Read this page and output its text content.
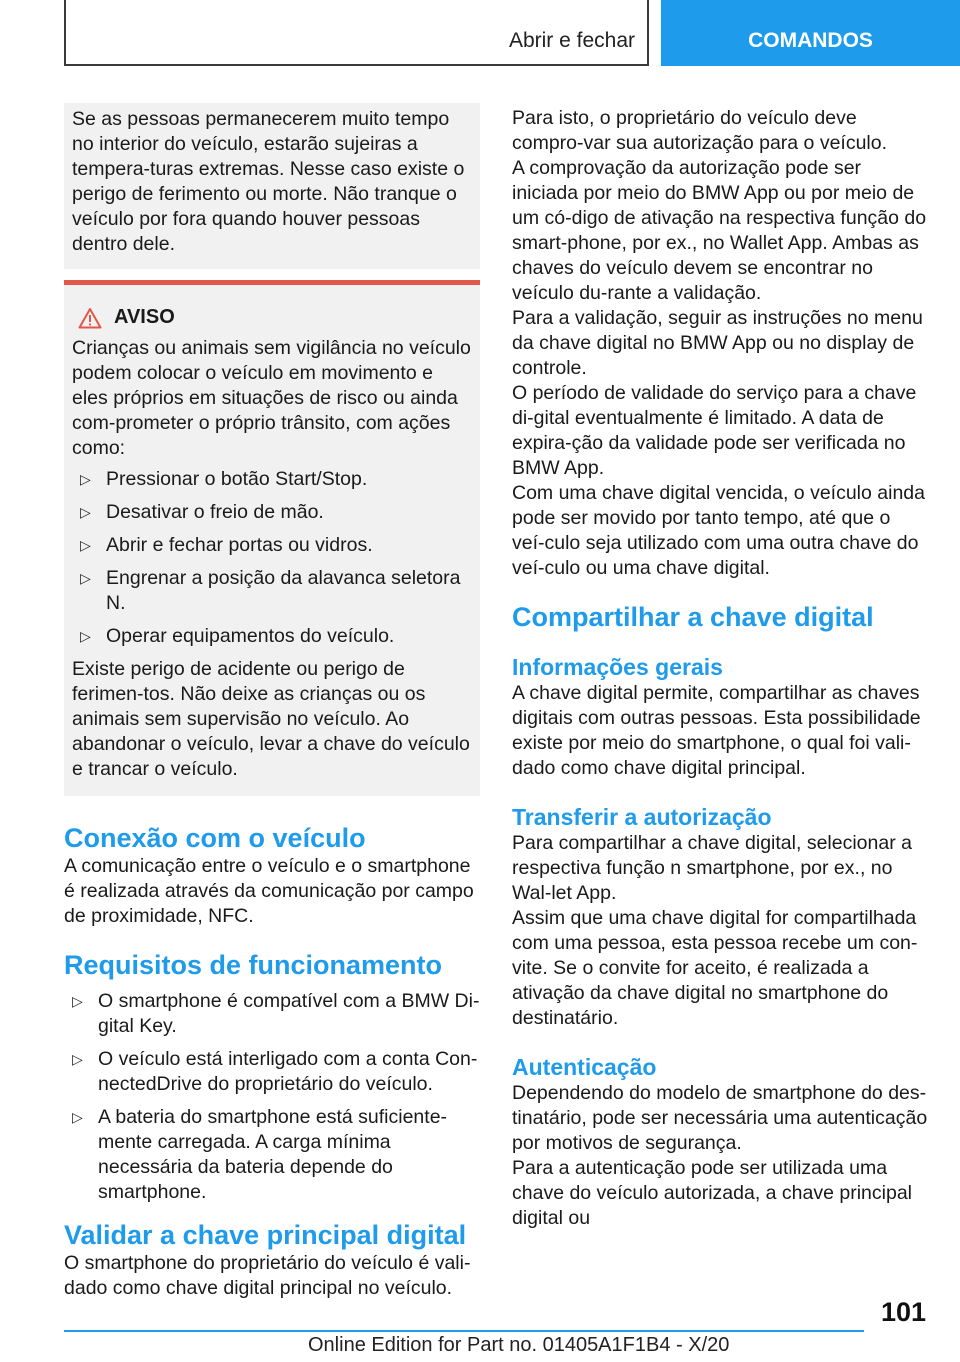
Abrir e fechar	COMANDOS

Se as pessoas permanecerem muito tempo no interior do veículo, estarão sujeiras a tempera-turas extremas. Nesse caso existe o perigo de ferimento ou morte. Não tranque o veículo por fora quando houver pessoas dentro dele.

AVISO

Crianças ou animais sem vigilância no veículo podem colocar o veículo em movimento e eles próprios em situações de risco ou ainda com-prometer o próprio trânsito, com ações como:

▷ Pressionar o botão Start/Stop.
▷ Desativar o freio de mão.
▷ Abrir e fechar portas ou vidros.
▷ Engrenar a posição da alavanca seletora N.
▷ Operar equipamentos do veículo.

Existe perigo de acidente ou perigo de ferimen-tos. Não deixe as crianças ou os animais sem supervisão no veículo. Ao abandonar o veículo, levar a chave do veículo e trancar o veículo.

Conexão com o veículo

A comunicação entre o veículo e o smartphone é realizada através da comunicação por campo de proximidade, NFC.

Requisitos de funcionamento
▷ O smartphone é compatível com a BMW Di-gital Key.
▷ O veículo está interligado com a conta Con-nectedDrive do proprietário do veículo.
▷ A bateria do smartphone está suficiente-mente carregada. A carga mínima necessária da bateria depende do smartphone.
Validar a chave principal digital

O smartphone do proprietário do veículo é vali-dado como chave digital principal no veículo.

Para isto, o proprietário do veículo deve compro-var sua autorização para o veículo.

A comprovação da autorização pode ser iniciada por meio do BMW App ou por meio de um có-digo de ativação na respectiva função do smart-phone, por ex., no Wallet App. Ambas as chaves do veículo devem se encontrar no veículo du-rante a validação.

Para a validação, seguir as instruções no menu da chave digital no BMW App ou no display de controle.

O período de validade do serviço para a chave di-gital eventualmente é limitado. A data de expira-ção da validade pode ser verificada no BMW App.

Com uma chave digital vencida, o veículo ainda pode ser movido por tanto tempo, até que o veí-culo seja utilizado com uma outra chave do veí-culo ou uma chave digital.

Compartilhar a chave digital
Informações gerais

A chave digital permite, compartilhar as chaves digitais com outras pessoas. Esta possibilidade existe por meio do smartphone, o qual foi vali-dado como chave digital principal.

Transferir a autorização

Para compartilhar a chave digital, selecionar a respectiva função n smartphone, por ex., no Wal-let App.

Assim que uma chave digital for compartilhada com uma pessoa, esta pessoa recebe um con-vite. Se o convite for aceito, é realizada a ativação da chave digital no smartphone do destinatário.

Autenticação

Dependendo do modelo de smartphone do des-tinatário, pode ser necessária uma autenticação por motivos de segurança.

Para a autenticação pode ser utilizada uma chave do veículo autorizada, a chave principal digital ou

101
Online Edition for Part no. 01405A1F1B4 - X/20
